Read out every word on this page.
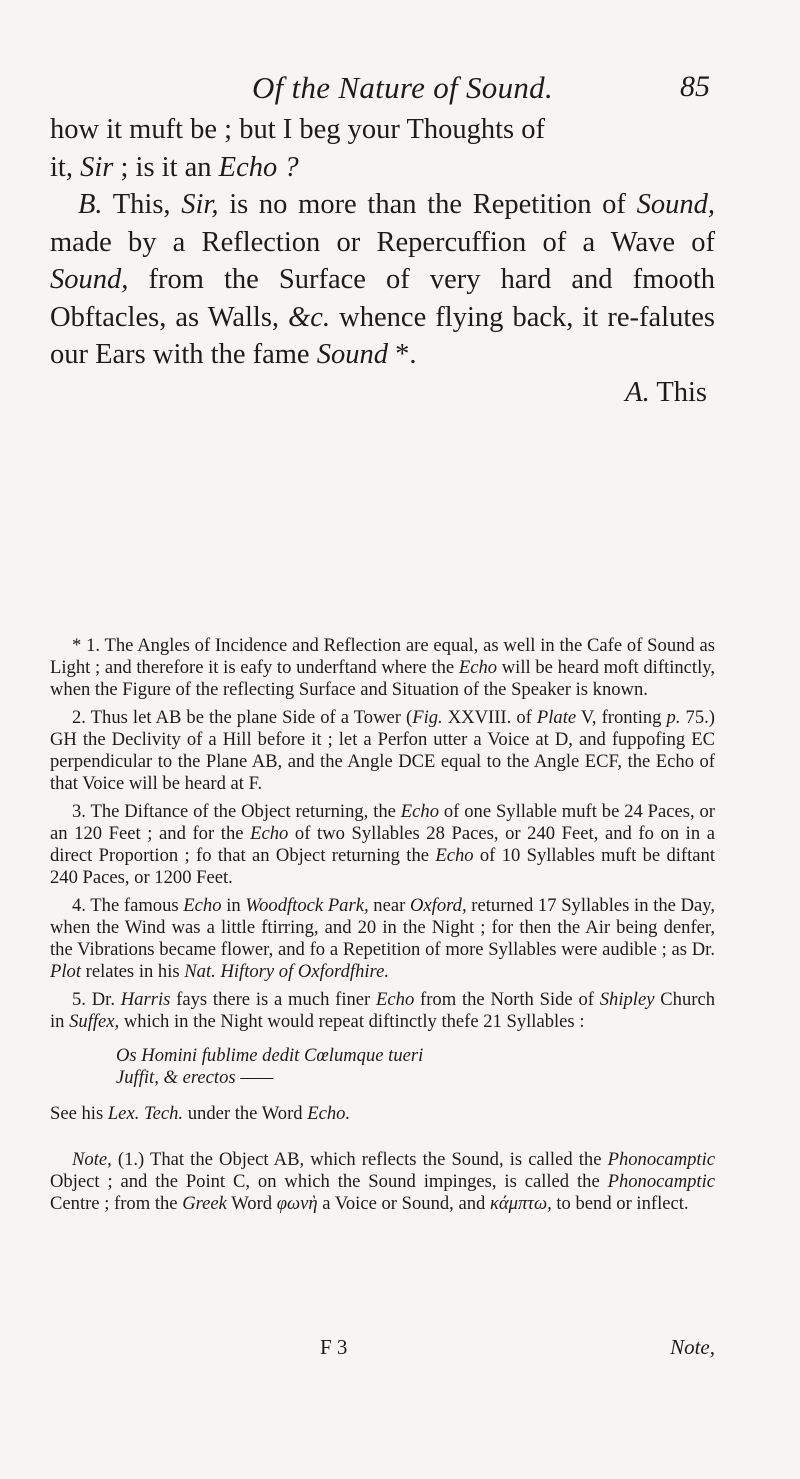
Of the Nature of Sound.	85

how it muft be ; but I beg your Thoughts of

it, Sir ; is it an Echo ?

B. This, Sir, is no more than the Repetition of Sound, made by a Reflection or Repercuffion of a Wave of Sound, from the Surface of very hard and fmooth Obftacles, as Walls, &c. whence flying back, it re-falutes our Ears with the fame Sound *.

A. This

* 1. The Angles of Incidence and Reflection are equal, as well in the Cafe of Sound as Light ; and therefore it is eafy to underftand where the Echo will be heard moft diftinctly, when the Figure of the reflecting Surface and Situation of the Speaker is known.

2. Thus let AB be the plane Side of a Tower (Fig. XXVIII. of Plate V, fronting p. 75.) GH the Declivity of a Hill before it ; let a Perfon utter a Voice at D, and fuppofing EC perpendicular to the Plane AB, and the Angle DCE equal to the Angle ECF, the Echo of that Voice will be heard at F.

3. The Diftance of the Object returning, the Echo of one Syllable muft be 24 Paces, or an 120 Feet ; and for the Echo of two Syllables 28 Paces, or 240 Feet, and fo on in a direct Proportion ; fo that an Object returning the Echo of 10 Syllables muft be diftant 240 Paces, or 1200 Feet.

4. The famous Echo in Woodftock Park, near Oxford, returned 17 Syllables in the Day, when the Wind was a little ftirring, and 20 in the Night ; for then the Air being denfer, the Vibrations became flower, and fo a Repetition of more Syllables were audible ; as Dr. Plot relates in his Nat. Hiftory of Oxfordfhire.

5. Dr. Harris fays there is a much finer Echo from the North Side of Shipley Church in Suffex, which in the Night would repeat diftinctly thefe 21 Syllables :

Os Homini fublime dedit Cœlumque tueri

Juffit, & erectos ——

See his Lex. Tech. under the Word Echo.

Note, (1.) That the Object AB, which reflects the Sound, is called the Phonocamptic Object ; and the Point C, on which the Sound impinges, is called the Phonocamptic Centre ; from the Greek Word φωνὴ a Voice or Sound, and κάμπτω, to bend or inflect.

F 3	Note,
